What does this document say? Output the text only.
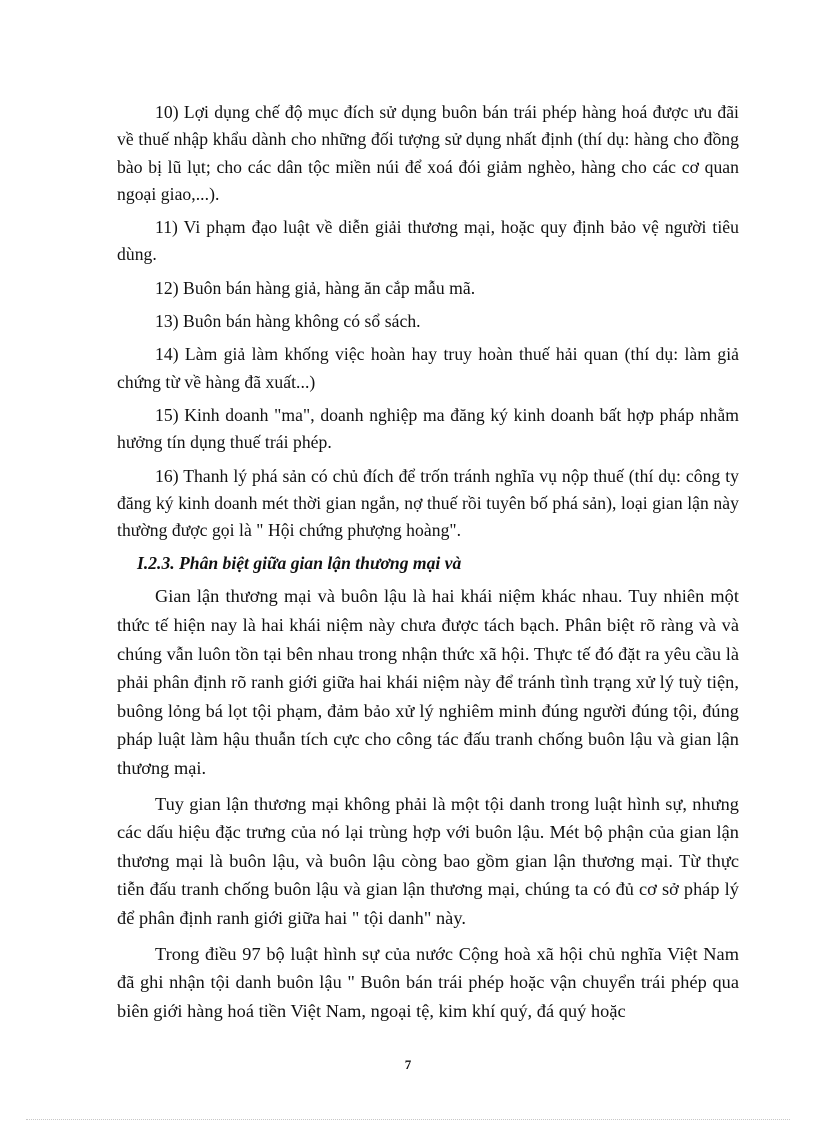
10) Lợi dụng chế độ mục đích sử dụng buôn bán trái phép hàng hoá được ưu đãi về thuế nhập khẩu dành cho những đối tượng sử dụng nhất định (thí dụ: hàng cho đồng bào bị lũ lụt; cho các dân tộc miền núi để xoá đói giảm nghèo, hàng cho các cơ quan ngoại giao,...).

11) Vi phạm đạo luật về diễn giải thương mại, hoặc quy định bảo vệ người tiêu dùng.

12) Buôn bán hàng giả, hàng ăn cắp mẫu mã.

13) Buôn bán hàng không có sổ sách.

14) Làm giả làm khống việc hoàn hay truy hoàn thuế hải quan (thí dụ: làm giả chứng từ về hàng đã xuất...)

15) Kinh doanh "ma", doanh nghiệp ma đăng ký kinh doanh bất hợp pháp nhằm hưởng tín dụng thuế trái phép.

16) Thanh lý phá sản có chủ đích để trốn tránh nghĩa vụ nộp thuế (thí dụ: công ty đăng ký kinh doanh mét thời gian ngắn, nợ thuế rồi tuyên bố phá sản), loại gian lận này thường được gọi là " Hội chứng phượng hoàng".

I.2.3. Phân biệt giữa gian lận thương mại và

Gian lận thương mại và buôn lậu là hai khái niệm khác nhau. Tuy nhiên một thức tế hiện nay là hai khái niệm này chưa được tách bạch. Phân biệt rõ ràng và và chúng vẫn luôn tồn tại bên nhau trong nhận thức xã hội. Thực tế đó đặt ra yêu cầu là phải phân định rõ ranh giới giữa hai khái niệm này để tránh tình trạng xử lý tuỳ tiện, buông lỏng bá lọt tội phạm, đảm bảo xử lý nghiêm minh đúng người đúng tội, đúng pháp luật làm hậu thuẫn tích cực cho công tác đấu tranh chống buôn lậu và gian lận thương mại.

Tuy gian lận thương mại không phải là một tội danh trong luật hình sự, nhưng các dấu hiệu đặc trưng của nó lại trùng hợp với buôn lậu. Mét bộ phận của gian lận thương mại là buôn lậu, và buôn lậu còng bao gồm gian lận thương mại. Từ thực tiễn đấu tranh chống buôn lậu và gian lận thương mại, chúng ta có đủ cơ sở pháp lý để phân định ranh giới giữa hai " tội danh" này.

Trong điều 97 bộ luật hình sự của nước Cộng hoà xã hội chủ nghĩa Việt Nam đã ghi nhận tội danh buôn lậu " Buôn bán trái phép hoặc vận chuyển trái phép qua biên giới hàng hoá tiền Việt Nam, ngoại tệ, kim khí quý, đá quý hoặc

7
